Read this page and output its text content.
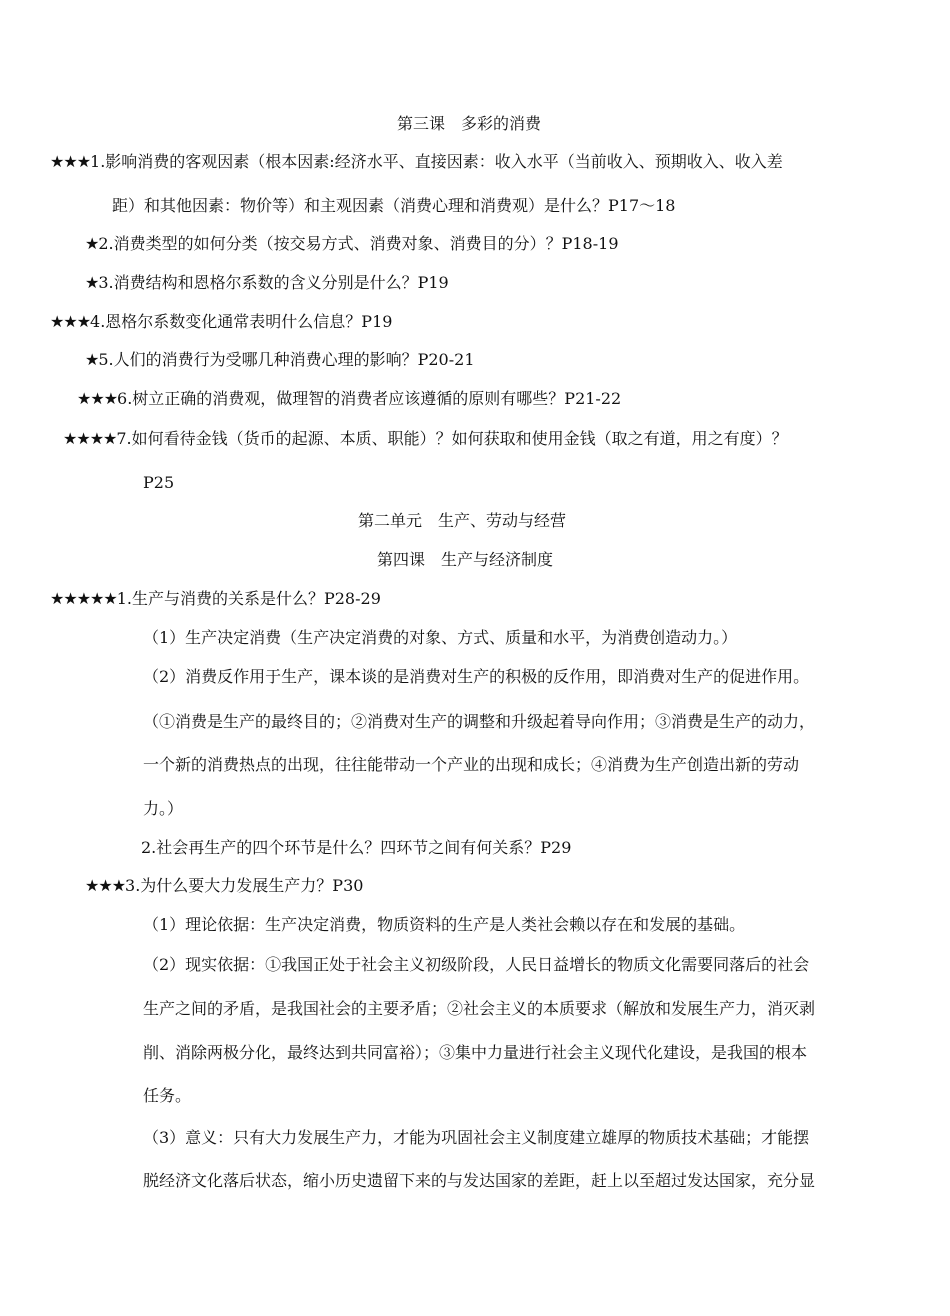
第三课　多彩的消费
★★★1.影响消费的客观因素（根本因素:经济水平、直接因素：收入水平（当前收入、预期收入、收入差
距）和其他因素：物价等）和主观因素（消费心理和消费观）是什么？P17～18
★2.消费类型的如何分类（按交易方式、消费对象、消费目的分）？P18-19
★3.消费结构和恩格尔系数的含义分别是什么？P19
★★★4.恩格尔系数变化通常表明什么信息？P19
★5.人们的消费行为受哪几种消费心理的影响？P20-21
★★★6.树立正确的消费观，做理智的消费者应该遵循的原则有哪些？P21-22
★★★★7.如何看待金钱（货币的起源、本质、职能）？如何获取和使用金钱（取之有道，用之有度）？
P25
第二单元　生产、劳动与经营
第四课　生产与经济制度
★★★★★1.生产与消费的关系是什么？P28-29
（1）生产决定消费（生产决定消费的对象、方式、质量和水平，为消费创造动力。）
（2）消费反作用于生产，课本谈的是消费对生产的积极的反作用，即消费对生产的促进作用。
（①消费是生产的最终目的；②消费对生产的调整和升级起着导向作用；③消费是生产的动力，
一个新的消费热点的出现，往往能带动一个产业的出现和成长；④消费为生产创造出新的劳动
力。）
2.社会再生产的四个环节是什么？四环节之间有何关系？P29
★★★3.为什么要大力发展生产力？P30
（1）理论依据：生产决定消费，物质资料的生产是人类社会赖以存在和发展的基础。
（2）现实依据：①我国正处于社会主义初级阶段，人民日益增长的物质文化需要同落后的社会
生产之间的矛盾，是我国社会的主要矛盾；②社会主义的本质要求（解放和发展生产力，消灭剥
削、消除两极分化，最终达到共同富裕）；③集中力量进行社会主义现代化建设，是我国的根本
任务。
（3）意义：只有大力发展生产力，才能为巩固社会主义制度建立雄厚的物质技术基础；才能摆
脱经济文化落后状态，缩小历史遗留下来的与发达国家的差距，赶上以至超过发达国家，充分显
